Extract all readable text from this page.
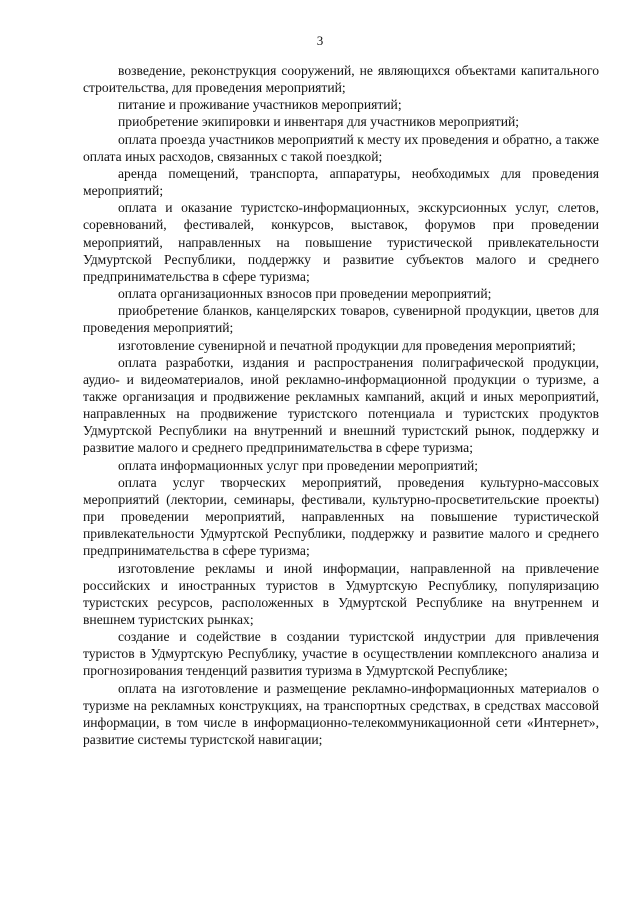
3

возведение, реконструкция сооружений, не являющихся объектами капитального строительства, для проведения мероприятий;

питание и проживание участников мероприятий;

приобретение экипировки и инвентаря для участников мероприятий;

оплата проезда участников мероприятий к месту их проведения и обратно, а также оплата иных расходов, связанных с такой поездкой;

аренда помещений, транспорта, аппаратуры, необходимых для проведения мероприятий;

оплата и оказание туристско-информационных, экскурсионных услуг, слетов, соревнований, фестивалей, конкурсов, выставок, форумов при проведении мероприятий, направленных на повышение туристической привлекательности Удмуртской Республики, поддержку и развитие субъектов малого и среднего предпринимательства в сфере туризма;

оплата организационных взносов при проведении мероприятий;

приобретение бланков, канцелярских товаров, сувенирной продукции, цветов для проведения мероприятий;

изготовление сувенирной и печатной продукции для проведения мероприятий;

оплата разработки, издания и распространения полиграфической продукции, аудио- и видеоматериалов, иной рекламно-информационной продукции о туризме, а также организация и продвижение рекламных кампаний, акций и иных мероприятий, направленных на продвижение туристского потенциала и туристских продуктов Удмуртской Республики на внутренний и внешний туристский рынок, поддержку и развитие малого и среднего предпринимательства в сфере туризма;

оплата информационных услуг при проведении мероприятий;

оплата услуг творческих мероприятий, проведения культурно-массовых мероприятий (лектории, семинары, фестивали, культурно-просветительские проекты) при проведении мероприятий, направленных на повышение туристической привлекательности Удмуртской Республики, поддержку и развитие малого и среднего предпринимательства в сфере туризма;

изготовление рекламы и иной информации, направленной на привлечение российских и иностранных туристов в Удмуртскую Республику, популяризацию туристских ресурсов, расположенных в Удмуртской Республике на внутреннем и внешнем туристских рынках;

создание и содействие в создании туристской индустрии для привлечения туристов в Удмуртскую Республику, участие в осуществлении комплексного анализа и прогнозирования тенденций развития туризма в Удмуртской Республике;

оплата на изготовление и размещение рекламно-информационных материалов о туризме на рекламных конструкциях, на транспортных средствах, в средствах массовой информации, в том числе в информационно-телекоммуникационной сети «Интернет», развитие системы туристской навигации;
